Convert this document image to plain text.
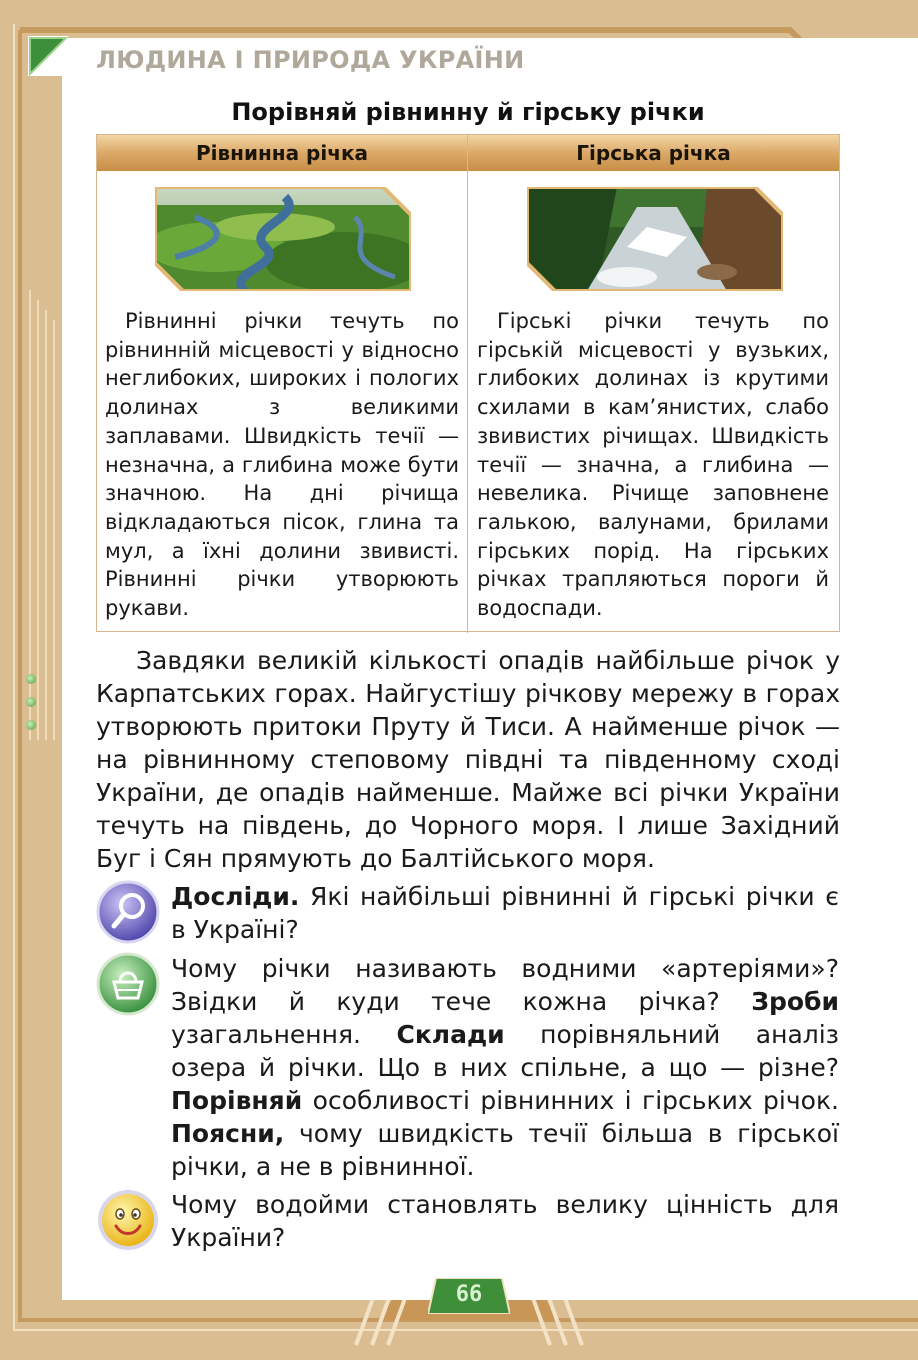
ЛЮДИНА І ПРИРОДА УКРАЇНИ
Порівняй рівнинну й гірську річки
Рівнинна річка	Гірська річка

Рівнинні річки течуть по рівнинній місцевості у відносно неглибоких, широких і пологих долинах з великими заплавами. Швидкість течії — незначна, а глибина може бути значною. На дні річища відкладаються пісок, глина та мул, а їхні долини звивисті. Рівнинні річки утворюють рукави.

Гірські річки течуть по гірській місцевості у вузьких, глибоких долинах із крутими схилами в кам’янистих, слабо звивистих річищах. Швидкість течії — значна, а глибина — невелика. Річище заповнене галькою, валунами, брилами гірських порід. На гірських річках трапляються пороги й водоспади.

Завдяки великій кількості опадів найбільше річок у Карпатських горах. Найгустішу річкову мережу в горах утворюють притоки Пруту й Тиси. А найменше річок — на рівнинному степовому півдні та південному сході України, де опадів найменше. Майже всі річки України течуть на південь, до Чорного моря. І лише Західний Буг і Сян прямують до Балтійського моря.

Досліди. Які найбільші рівнинні й гірські річки є в Україні?

Чому річки називають водними «артеріями»? Звідки й куди тече кожна річка? Зроби узагальнення. Склади порівняльний аналіз озера й річки. Що в них спільне, а що — різне? Порівняй особливості рівнинних і гірських річок. Поясни, чому швидкість течії більша в гірської річки, а не в рівнинної.

Чому водойми становлять велику цінність для України?

66
